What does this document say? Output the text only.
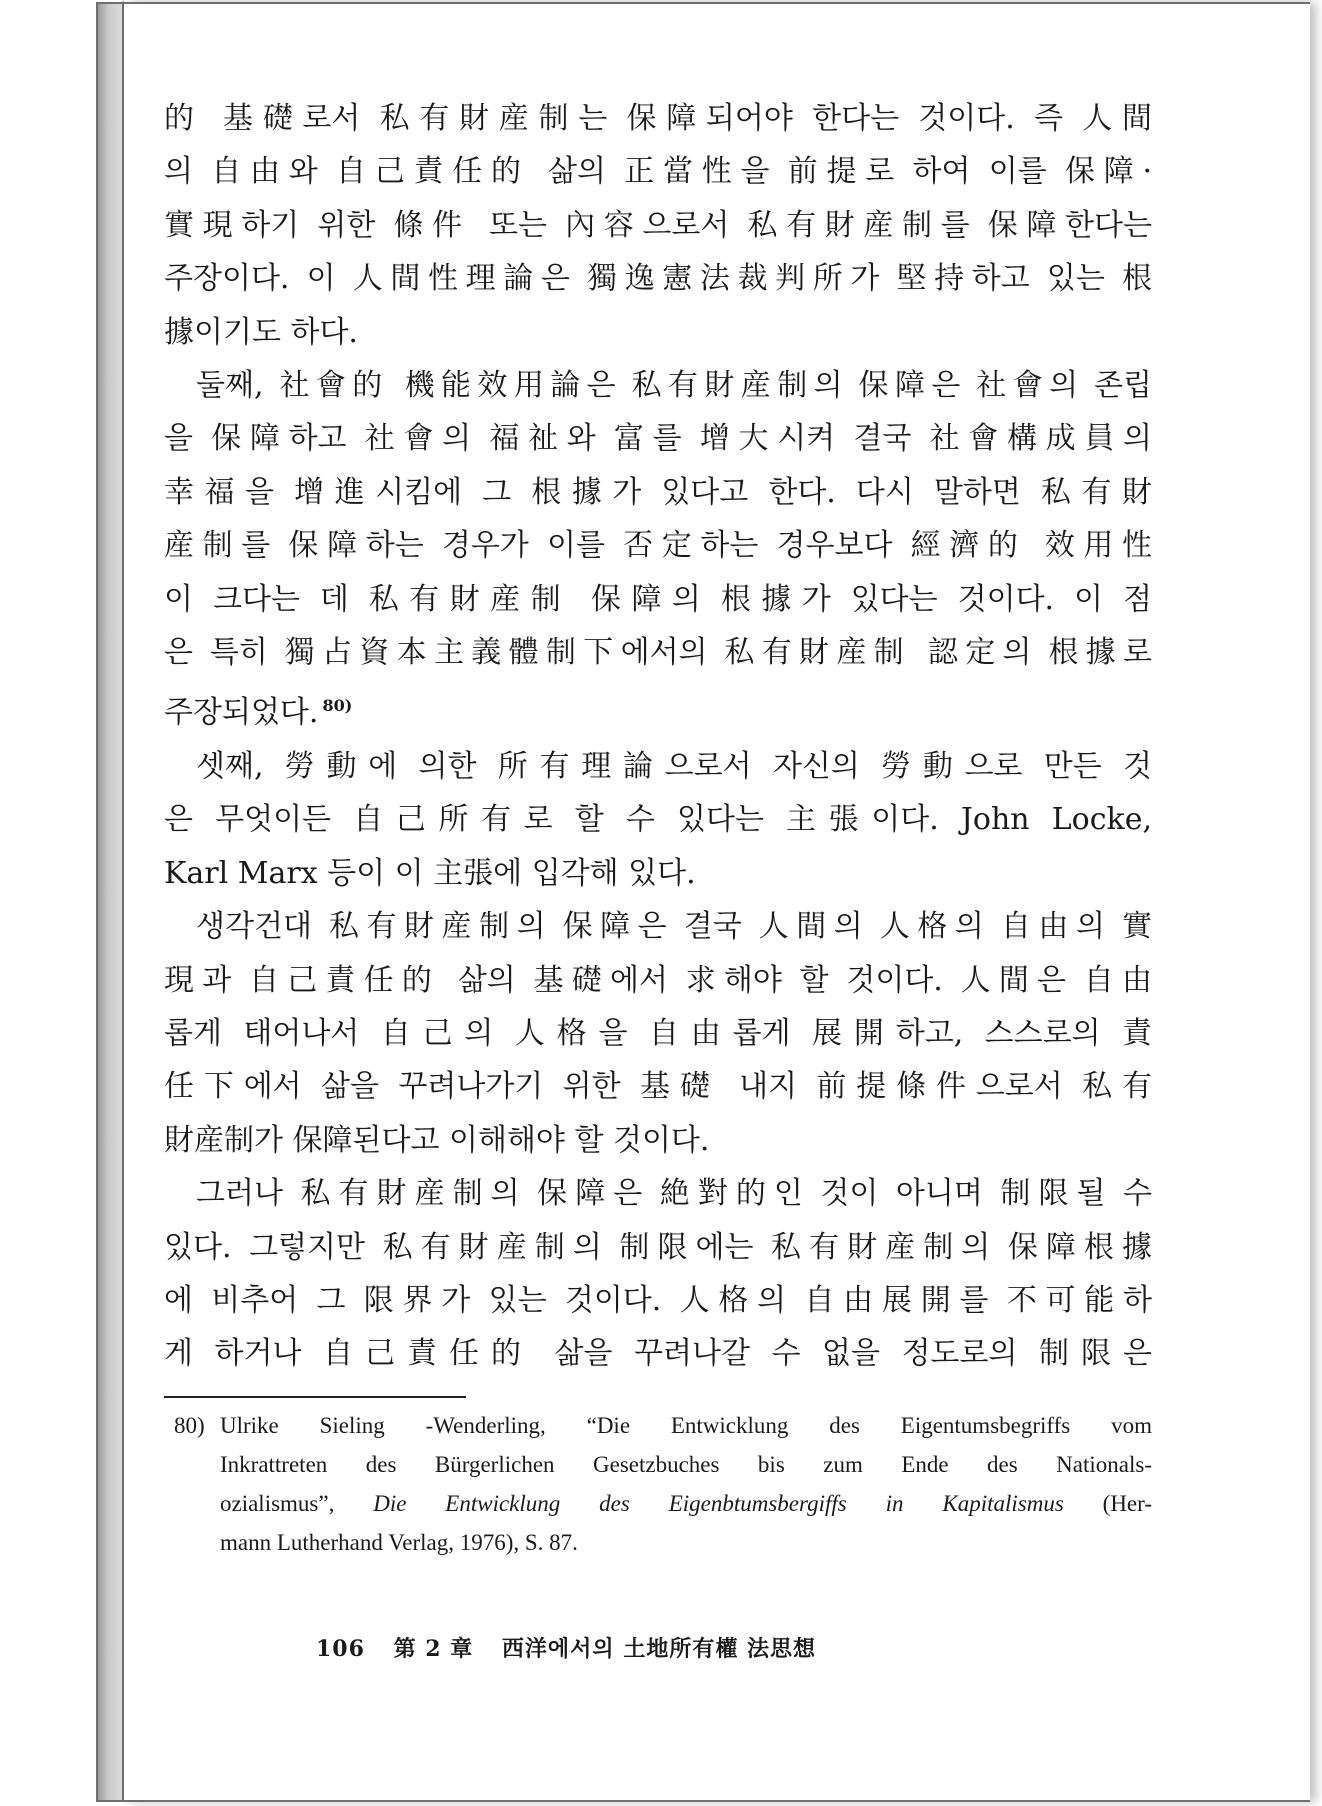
的 基礎로서 私有財産制는 保障되어야 한다는 것이다. 즉 人間

의 自由와 自己責任的 삶의 正當性을 前提로 하여 이를 保障·

實現하기 위한 條件 또는 內容으로서 私有財産制를 保障한다는

주장이다. 이 人間性理論은 獨逸憲法裁判所가 堅持하고 있는 根

據이기도 하다.

둘째, 社會的 機能效用論은 私有財産制의 保障은 社會의 존립

을 保障하고 社會의 福祉와 富를 增大시켜 결국 社會構成員의

幸福을 增進시킴에 그 根據가 있다고 한다. 다시 말하면 私有財

産制를 保障하는 경우가 이를 否定하는 경우보다 經濟的 效用性

이 크다는 데 私有財産制 保障의 根據가 있다는 것이다. 이 점

은 특히 獨占資本主義體制下에서의 私有財産制 認定의 根據로

주장되었다. $^{80)}$

셋째, 勞動에 의한 所有理論으로서 자신의 勞動으로 만든 것

은 무엇이든 自己所有로 할 수 있다는 主張이다. John Locke,

Karl Marx 등이 이 主張에 입각해 있다.

생각건대 私有財産制의 保障은 결국 人間의 人格의 自由의 實

現과 自己責任的 삶의 基礎에서 求해야 할 것이다. 人間은 自由

롭게 태어나서 自己의 人格을 自由롭게 展開하고, 스스로의 責

任下에서 삶을 꾸려나가기 위한 基礎 내지 前提條件으로서 私有

財産制가 保障된다고 이해해야 할 것이다.

그러나 私有財産制의 保障은 絶對的인 것이 아니며 制限될 수

있다. 그렇지만 私有財産制의 制限에는 私有財産制의 保障根據

에 비추어 그 限界가 있는 것이다. 人格의 自由展開를 不可能하

게 하거나 自己責任的 삶을 꾸려나갈 수 없을 정도로의 制限은

80) Ulrike Sieling -Wenderling, “Die Entwicklung des Eigentumsbegriffs vom

Inkrattreten des Bürgerlichen Gesetzbuches bis zum Ende des Nationals-

ozialismus”, Die Entwicklung des Eigenbtumsbergiffs in Kapitalismus (Her-

mann Lutherhand Verlag, 1976), S. 87.

106 第 2 章 西洋에서의 土地所有權 法思想
